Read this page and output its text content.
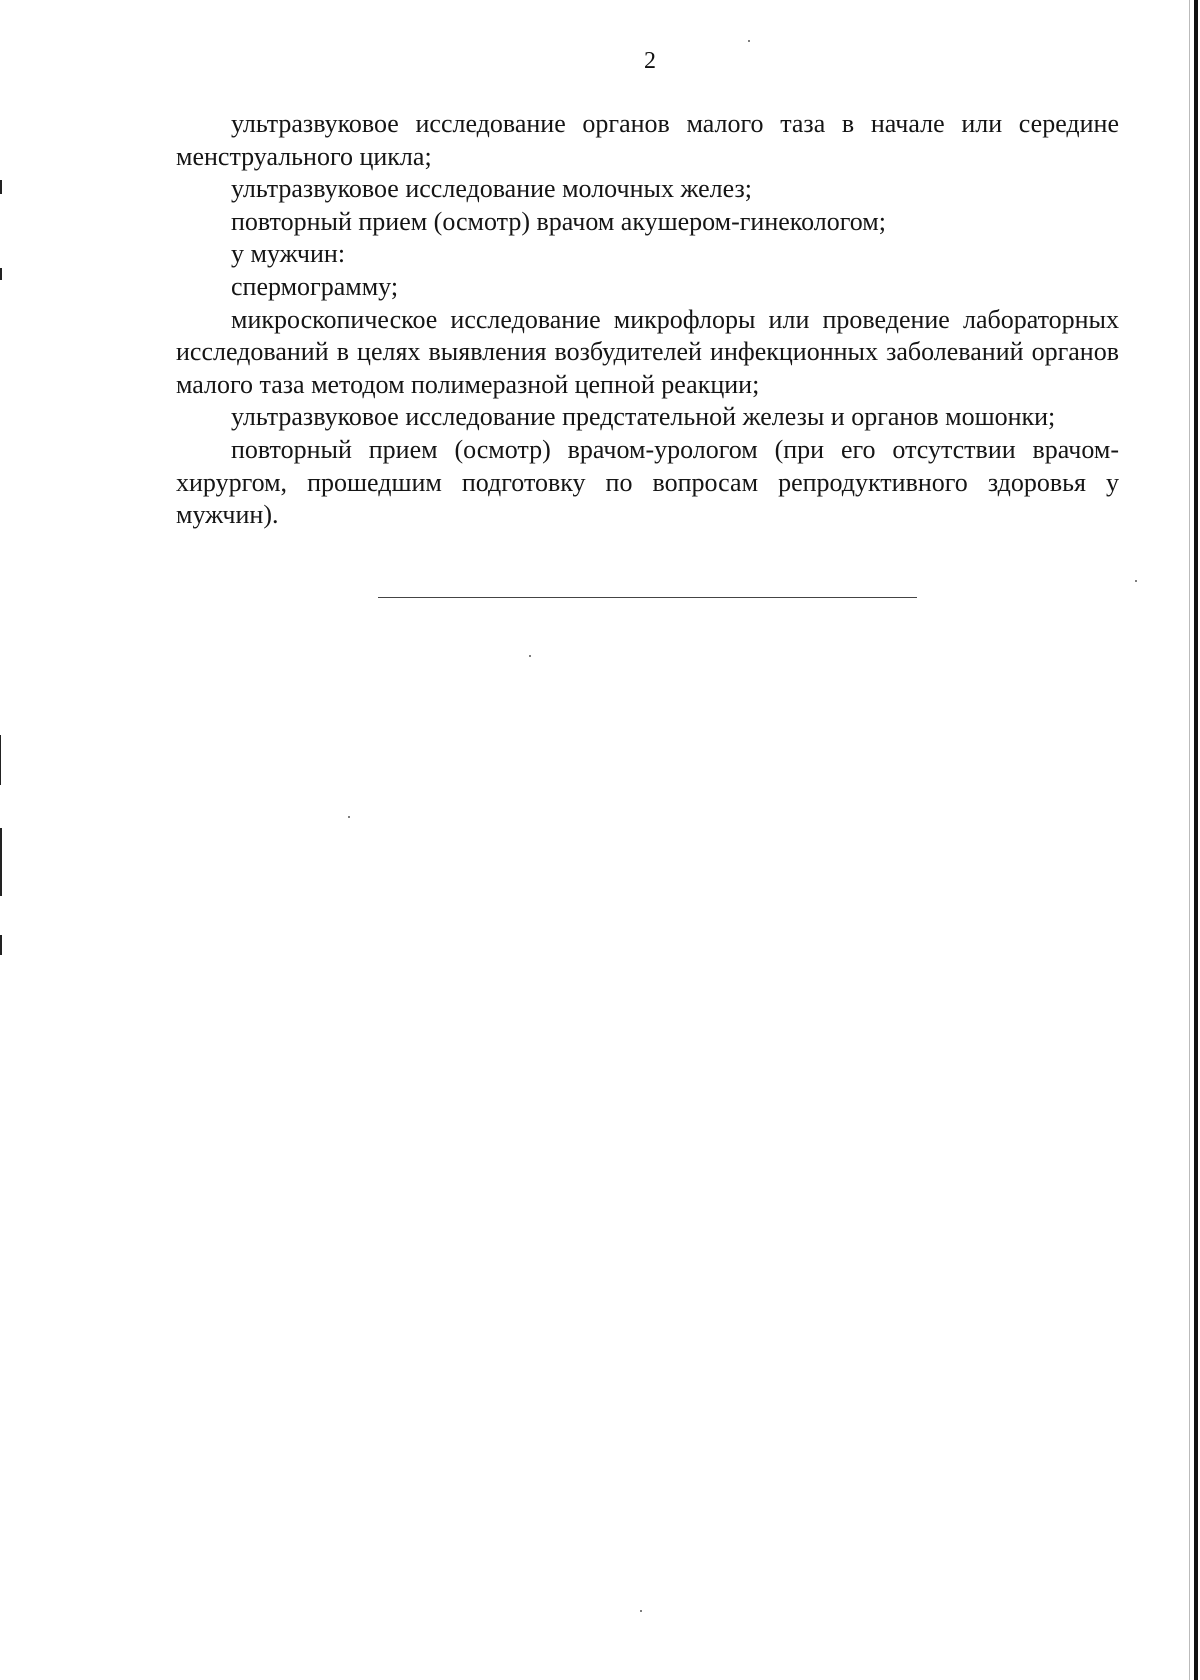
2

ультразвуковое исследование органов малого таза в начале или середине менструального цикла;

ультразвуковое исследование молочных желез;

повторный прием (осмотр) врачом акушером-гинекологом;

у мужчин:

спермограмму;

микроскопическое исследование микрофлоры или проведение лабораторных исследований в целях выявления возбудителей инфекционных заболеваний органов малого таза методом полимеразной цепной реакции;

ультразвуковое исследование предстательной железы и органов мошонки;

повторный прием (осмотр) врачом-урологом (при его отсутствии врачом-хирургом, прошедшим подготовку по вопросам репродуктивного здоровья у мужчин).
